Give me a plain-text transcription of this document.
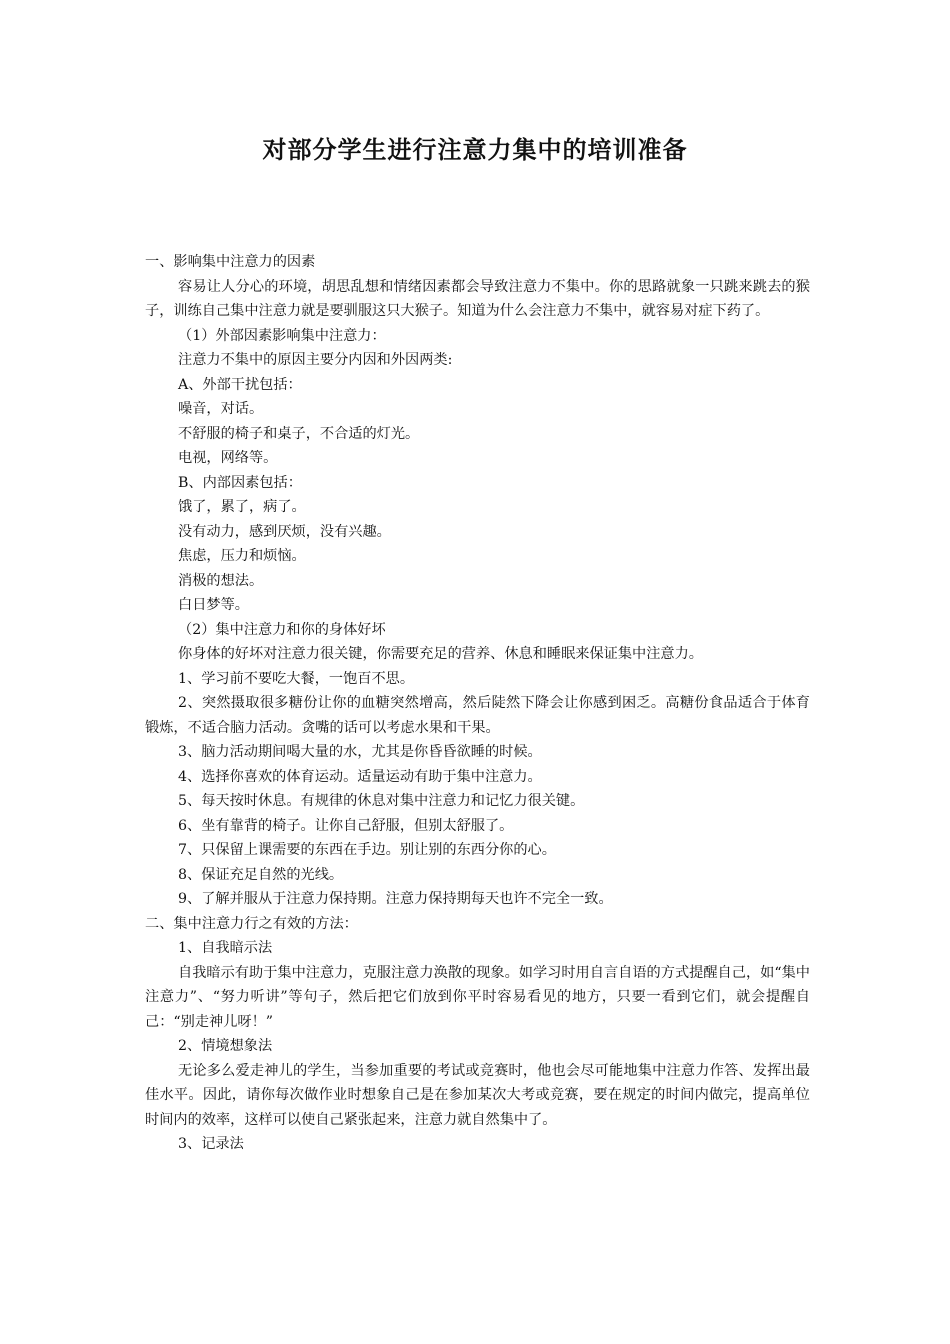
对部分学生进行注意力集中的培训准备

一、影响集中注意力的因素

容易让人分心的环境，胡思乱想和情绪因素都会导致注意力不集中。你的思路就象一只跳来跳去的猴子，训练自己集中注意力就是要驯服这只大猴子。知道为什么会注意力不集中，就容易对症下药了。

（1）外部因素影响集中注意力：

注意力不集中的原因主要分内因和外因两类:

A、外部干扰包括：

噪音，对话。

不舒服的椅子和桌子，不合适的灯光。

电视，网络等。

B、内部因素包括：

饿了，累了，病了。

没有动力，感到厌烦，没有兴趣。

焦虑，压力和烦恼。

消极的想法。

白日梦等。

（2）集中注意力和你的身体好坏

你身体的好坏对注意力很关键，你需要充足的营养、休息和睡眠来保证集中注意力。

1、学习前不要吃大餐，一饱百不思。

2、突然摄取很多糖份让你的血糖突然增高，然后陡然下降会让你感到困乏。高糖份食品适合于体育锻炼，不适合脑力活动。贪嘴的话可以考虑水果和干果。

3、脑力活动期间喝大量的水，尤其是你昏昏欲睡的时候。

4、选择你喜欢的体育运动。适量运动有助于集中注意力。

5、每天按时休息。有规律的休息对集中注意力和记忆力很关键。

6、坐有靠背的椅子。让你自己舒服，但别太舒服了。

7、只保留上课需要的东西在手边。别让别的东西分你的心。

8、保证充足自然的光线。

9、了解并服从于注意力保持期。注意力保持期每天也许不完全一致。

二、集中注意力行之有效的方法：

1、自我暗示法

自我暗示有助于集中注意力，克服注意力涣散的现象。如学习时用自言自语的方式提醒自己，如“集中注意力”、“努力听讲”等句子，然后把它们放到你平时容易看见的地方，只要一看到它们，就会提醒自己：“别走神儿呀！”

2、情境想象法

无论多么爱走神儿的学生，当参加重要的考试或竞赛时，他也会尽可能地集中注意力作答、发挥出最佳水平。因此，请你每次做作业时想象自己是在参加某次大考或竞赛，要在规定的时间内做完，提高单位时间内的效率，这样可以使自己紧张起来，注意力就自然集中了。

3、记录法
